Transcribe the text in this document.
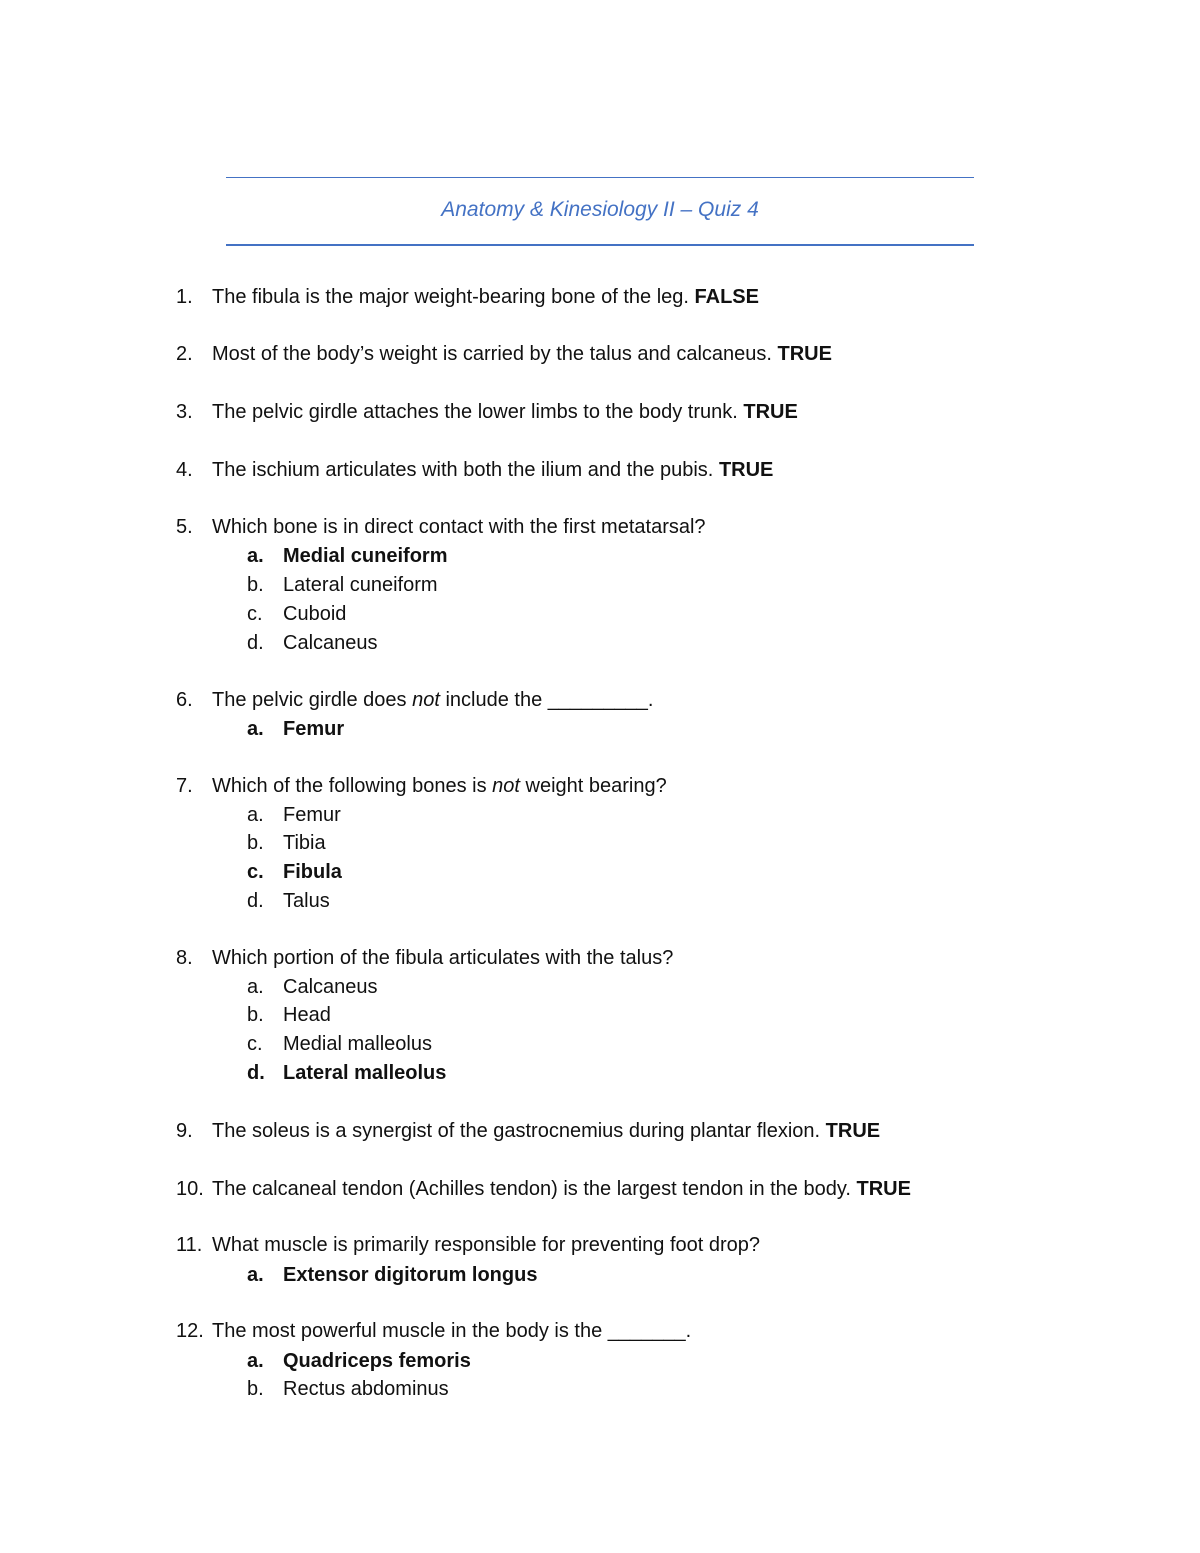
Anatomy & Kinesiology II – Quiz 4
1. The fibula is the major weight-bearing bone of the leg. FALSE
2. Most of the body’s weight is carried by the talus and calcaneus. TRUE
3. The pelvic girdle attaches the lower limbs to the body trunk. TRUE
4. The ischium articulates with both the ilium and the pubis. TRUE
5. Which bone is in direct contact with the first metatarsal?
a. Medial cuneiform
b. Lateral cuneiform
c. Cuboid
d. Calcaneus
6. The pelvic girdle does not include the _________.
a. Femur
7. Which of the following bones is not weight bearing?
a. Femur
b. Tibia
c. Fibula
d. Talus
8. Which portion of the fibula articulates with the talus?
a. Calcaneus
b. Head
c. Medial malleolus
d. Lateral malleolus
9. The soleus is a synergist of the gastrocnemius during plantar flexion. TRUE
10. The calcaneal tendon (Achilles tendon) is the largest tendon in the body. TRUE
11. What muscle is primarily responsible for preventing foot drop?
a. Extensor digitorum longus
12. The most powerful muscle in the body is the _______.
a. Quadriceps femoris
b. Rectus abdominus
